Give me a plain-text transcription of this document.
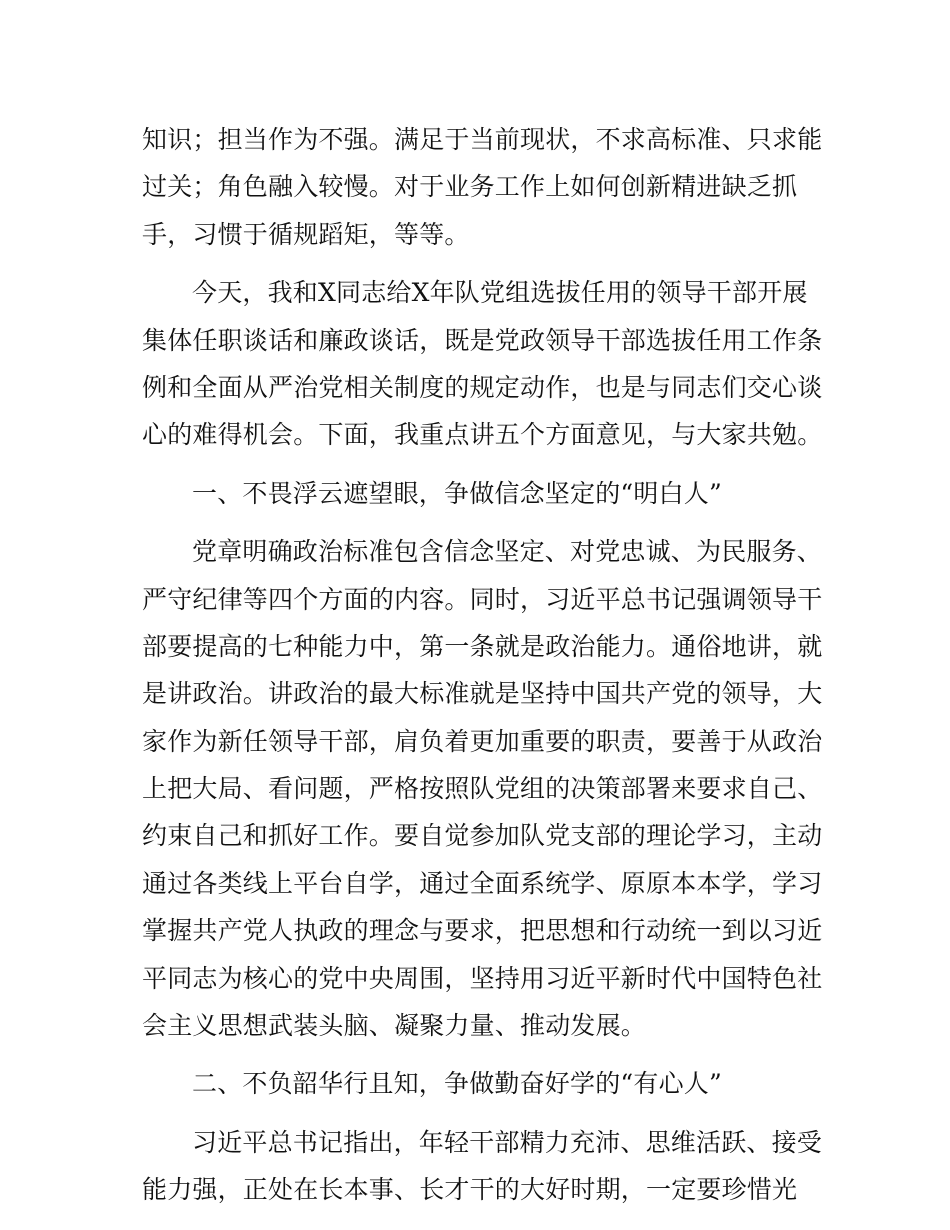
知识；担当作为不强。满足于当前现状，不求高标准、只求能
过关；角色融入较慢。对于业务工作上如何创新精进缺乏抓
手，习惯于循规蹈矩，等等。
今天，我和X同志给X年队党组选拔任用的领导干部开展
集体任职谈话和廉政谈话，既是党政领导干部选拔任用工作条
例和全面从严治党相关制度的规定动作，也是与同志们交心谈
心的难得机会。下面，我重点讲五个方面意见，与大家共勉。
一、不畏浮云遮望眼，争做信念坚定的“明白人”
党章明确政治标准包含信念坚定、对党忠诚、为民服务、
严守纪律等四个方面的内容。同时，习近平总书记强调领导干
部要提高的七种能力中，第一条就是政治能力。通俗地讲，就
是讲政治。讲政治的最大标准就是坚持中国共产党的领导，大
家作为新任领导干部，肩负着更加重要的职责，要善于从政治
上把大局、看问题，严格按照队党组的决策部署来要求自己、
约束自己和抓好工作。要自觉参加队党支部的理论学习，主动
通过各类线上平台自学，通过全面系统学、原原本本学，学习
掌握共产党人执政的理念与要求，把思想和行动统一到以习近
平同志为核心的党中央周围，坚持用习近平新时代中国特色社
会主义思想武装头脑、凝聚力量、推动发展。
二、不负韶华行且知，争做勤奋好学的“有心人”
习近平总书记指出，年轻干部精力充沛、思维活跃、接受
能力强，正处在长本事、长才干的大好时期，一定要珍惜光
